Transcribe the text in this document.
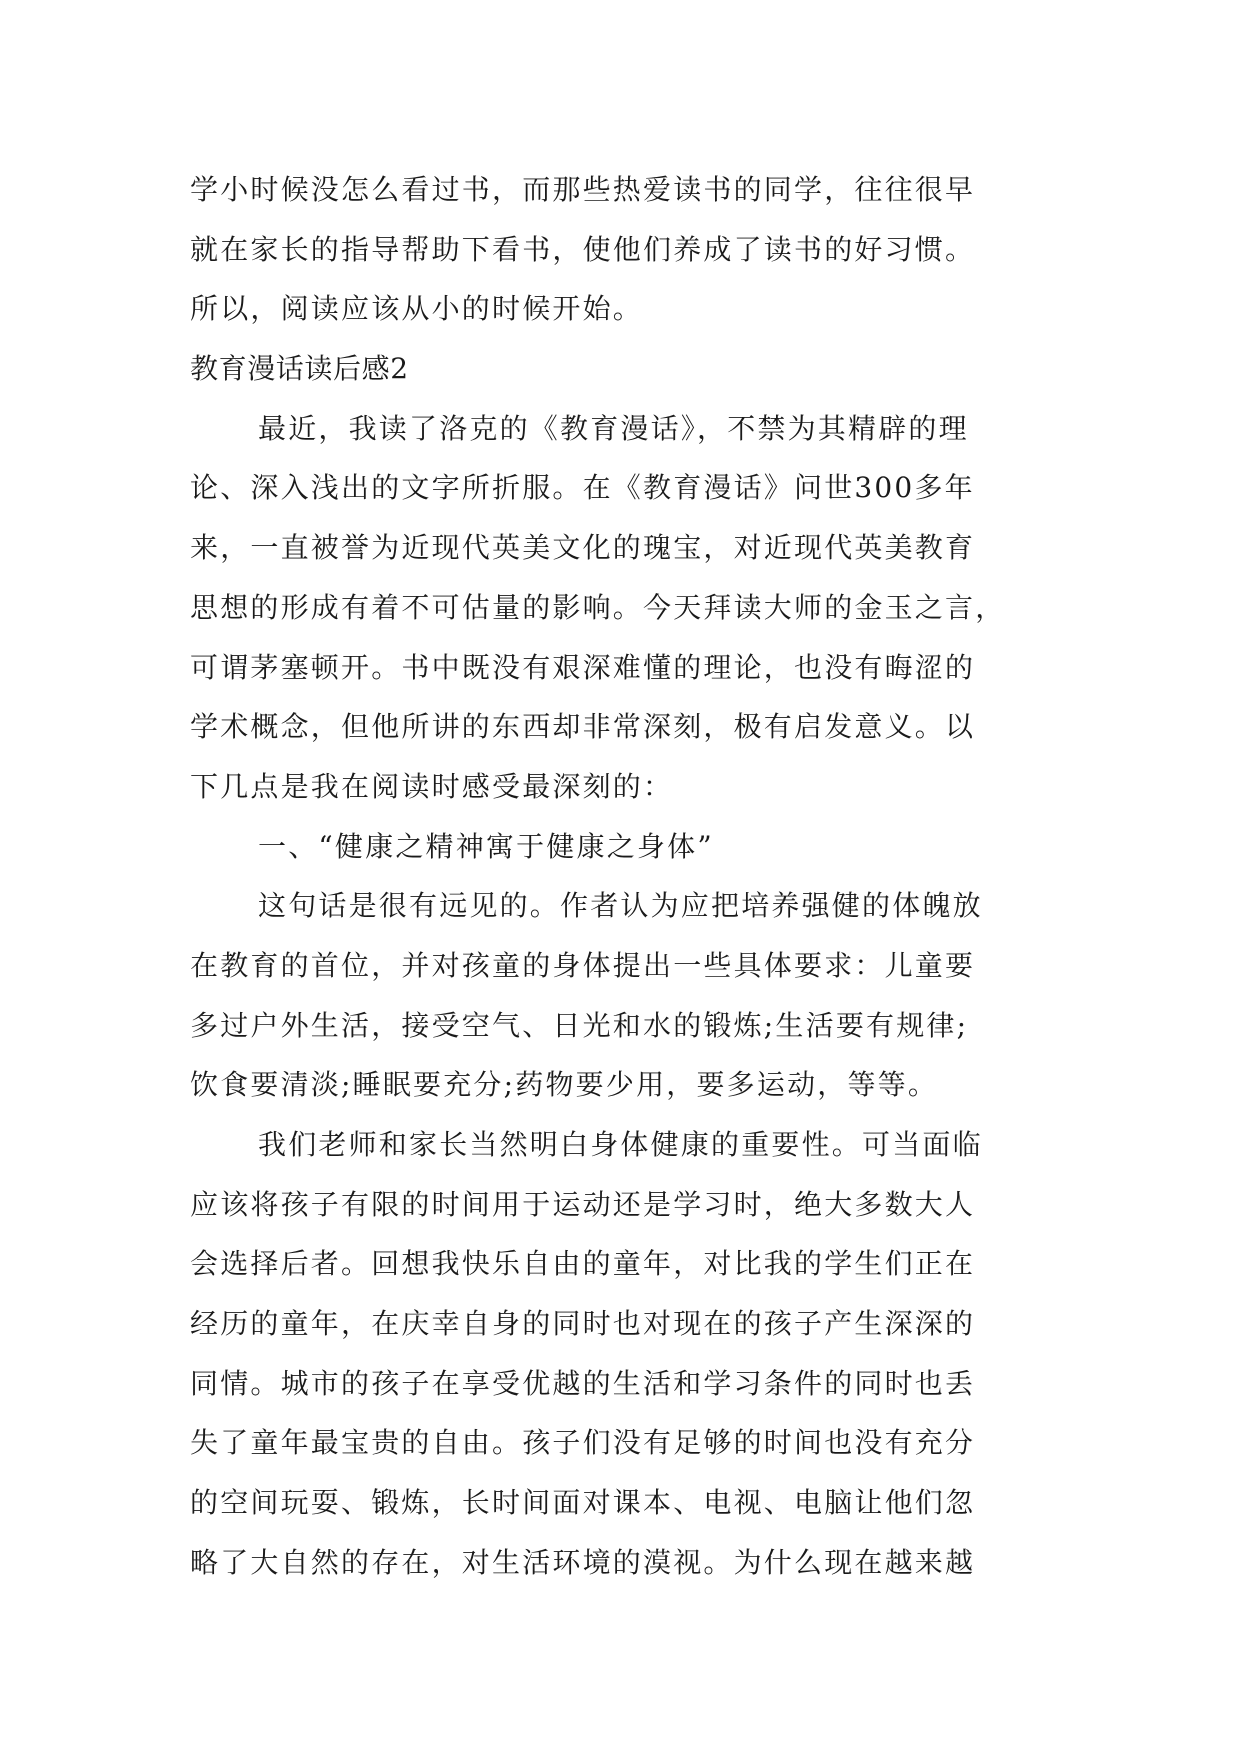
学小时候没怎么看过书，而那些热爱读书的同学，往往很早
就在家长的指导帮助下看书，使他们养成了读书的好习惯。
所以，阅读应该从小的时候开始。
教育漫话读后感2
最近，我读了洛克的《教育漫话》，不禁为其精辟的理
论、深入浅出的文字所折服。在《教育漫话》问世300多年
来，一直被誉为近现代英美文化的瑰宝，对近现代英美教育
思想的形成有着不可估量的影响。今天拜读大师的金玉之言，
可谓茅塞顿开。书中既没有艰深难懂的理论，也没有晦涩的
学术概念，但他所讲的东西却非常深刻，极有启发意义。以
下几点是我在阅读时感受最深刻的：
一、“健康之精神寓于健康之身体”
这句话是很有远见的。作者认为应把培养强健的体魄放
在教育的首位，并对孩童的身体提出一些具体要求：儿童要
多过户外生活，接受空气、日光和水的锻炼;生活要有规律;
饮食要清淡;睡眠要充分;药物要少用，要多运动，等等。
我们老师和家长当然明白身体健康的重要性。可当面临
应该将孩子有限的时间用于运动还是学习时，绝大多数大人
会选择后者。回想我快乐自由的童年，对比我的学生们正在
经历的童年，在庆幸自身的同时也对现在的孩子产生深深的
同情。城市的孩子在享受优越的生活和学习条件的同时也丢
失了童年最宝贵的自由。孩子们没有足够的时间也没有充分
的空间玩耍、锻炼，长时间面对课本、电视、电脑让他们忽
略了大自然的存在，对生活环境的漠视。为什么现在越来越
